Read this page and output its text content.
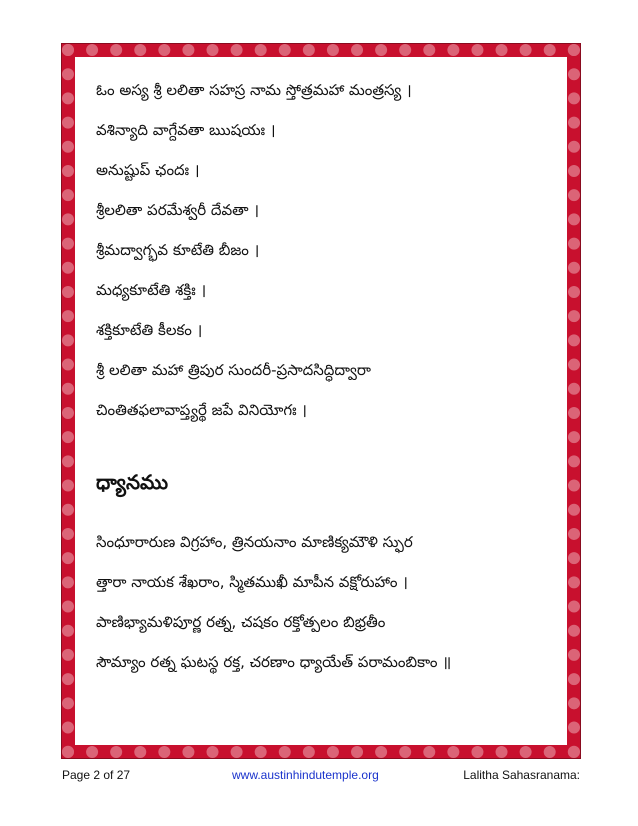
ఓం అస్య శ్రీ లలితా సహస్ర నామ స్తోత్రమహా మంత్రస్య ।
వశిన్యాది వాగ్దేవతా ఋషయః ।
అనుష్టుప్ ఛందః ।
శ్రీలలితా పరమేశ్వరీ దేవతా ।
శ్రీమద్వాగ్భవ కూటేతి బీజం ।
మధ్యకూటేతి శక్తిః ।
శక్తికూటేతి కీలకం ।
శ్రీ లలితా మహా త్రిపుర సుందరీ-ప్రసాదసిద్ధిద్వారా
చింతితఫలావాప్త్యర్థే జపే వినియోగః ।
ధ్యానము
సింధూరారుణ విగ్రహాం, త్రినయనాం మాణిక్యమౌళి స్ఫుర
త్తారా నాయక శేఖరాం, స్మితముఖీ మాపీన వక్షోరుహాం ।
పాణిభ్యామళిపూర్ణ రత్న, చషకం రక్తోత్పలం బిభ్రతీం
సౌమ్యాం రత్న ఘటస్థ రక్త, చరణాం ధ్యాయేత్ పరామంబికాం ॥
Page 2 of 27	www.austinhindutemple.org	Lalitha Sahasranama:
